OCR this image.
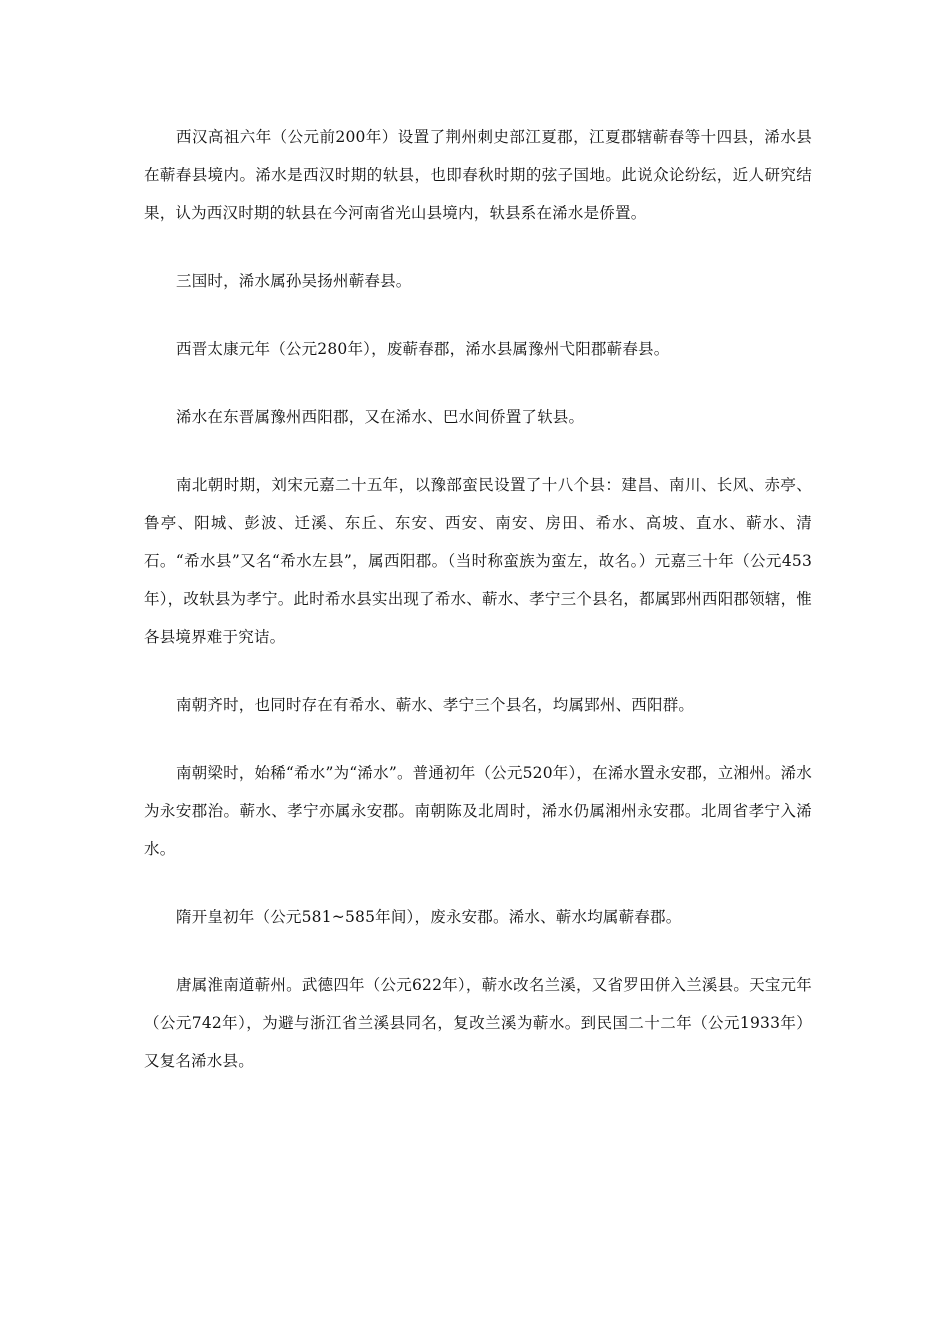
西汉高祖六年（公元前200年）设置了荆州刺史部江夏郡，江夏郡辖蕲春等十四县，浠水县在蕲春县境内。浠水是西汉时期的轪县，也即春秋时期的弦子国地。此说众论纷纭，近人研究结果，认为西汉时期的轪县在今河南省光山县境内，轪县系在浠水是侨置。

三国时，浠水属孙吴扬州蕲春县。

西晋太康元年（公元280年），废蕲春郡，浠水县属豫州弋阳郡蕲春县。

浠水在东晋属豫州西阳郡，又在浠水、巴水间侨置了轪县。

南北朝时期，刘宋元嘉二十五年，以豫部蛮民设置了十八个县：建昌、南川、长风、赤亭、鲁亭、阳城、彭波、迁溪、东丘、东安、西安、南安、房田、希水、高坡、直水、蕲水、清石。“希水县”又名“希水左县”，属西阳郡。（当时称蛮族为蛮左，故名。）元嘉三十年（公元453年），改轪县为孝宁。此时希水县实出现了希水、蕲水、孝宁三个县名，都属郢州西阳郡领辖，惟各县境界难于究诘。

南朝齐时，也同时存在有希水、蕲水、孝宁三个县名，均属郢州、西阳群。

南朝梁时，始稀“希水”为“浠水”。普通初年（公元520年），在浠水置永安郡，立湘州。浠水为永安郡治。蕲水、孝宁亦属永安郡。南朝陈及北周时，浠水仍属湘州永安郡。北周省孝宁入浠水。

隋开皇初年（公元581~585年间），废永安郡。浠水、蕲水均属蕲春郡。

唐属淮南道蕲州。武德四年（公元622年），蕲水改名兰溪，又省罗田併入兰溪县。天宝元年（公元742年），为避与浙江省兰溪县同名，复改兰溪为蕲水。到民国二十二年（公元1933年）又复名浠水县。
